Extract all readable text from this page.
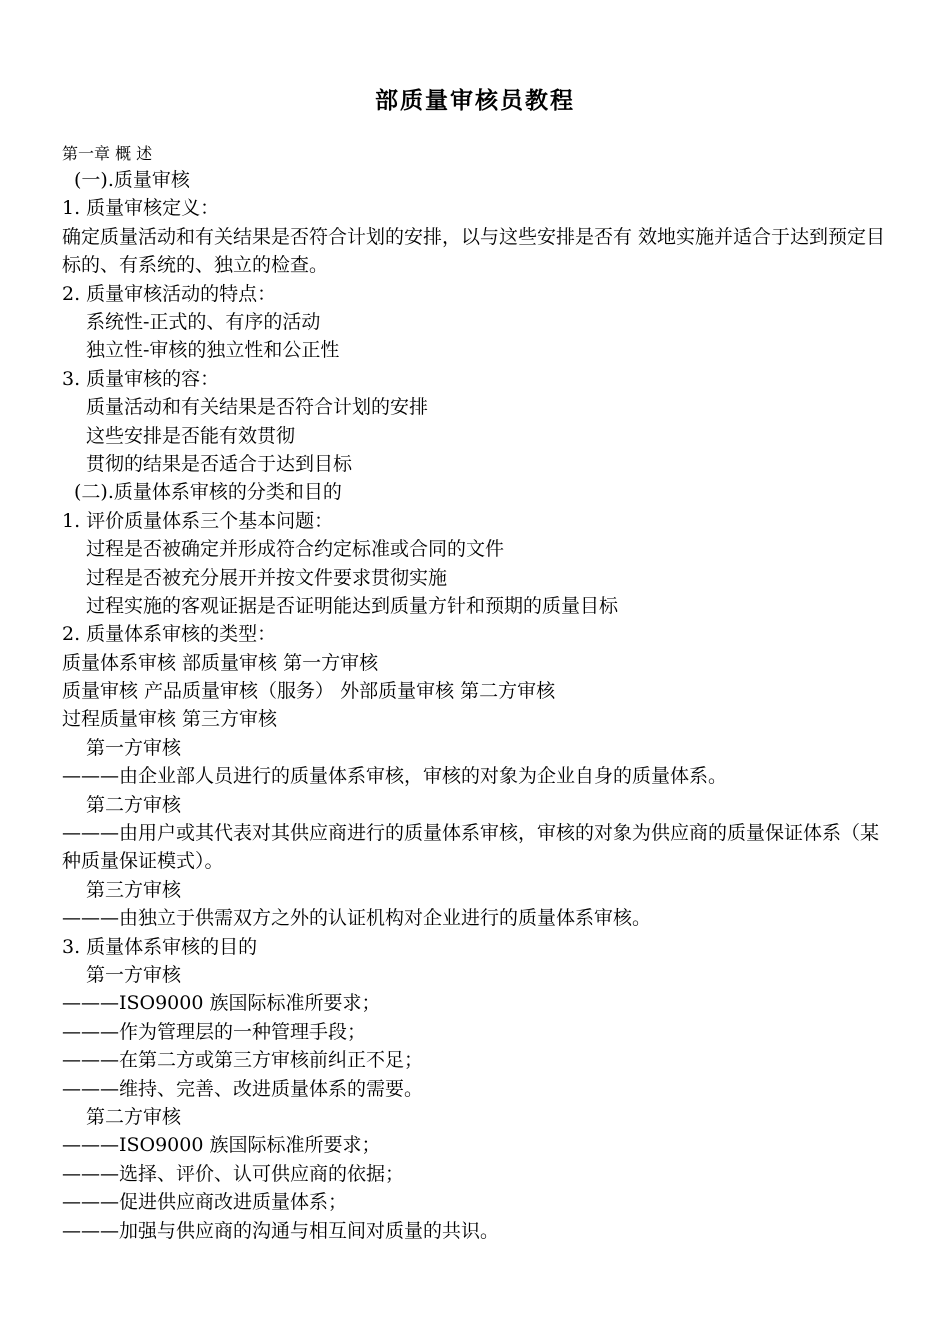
部质量审核员教程
第一章 概 述
(一).质量审核
1. 质量审核定义：
确定质量活动和有关结果是否符合计划的安排，以与这些安排是否有 效地实施并适合于达到预定目标的、有系统的、独立的检查。
2. 质量审核活动的特点：
系统性-正式的、有序的活动
独立性-审核的独立性和公正性
3. 质量审核的容：
质量活动和有关结果是否符合计划的安排
这些安排是否能有效贯彻
贯彻的结果是否适合于达到目标
(二).质量体系审核的分类和目的
1. 评价质量体系三个基本问题：
过程是否被确定并形成符合约定标准或合同的文件
过程是否被充分展开并按文件要求贯彻实施
过程实施的客观证据是否证明能达到质量方针和预期的质量目标
2. 质量体系审核的类型：
质量体系审核 部质量审核 第一方审核
质量审核 产品质量审核（服务） 外部质量审核 第二方审核
过程质量审核 第三方审核
第一方审核
———由企业部人员进行的质量体系审核，审核的对象为企业自身的质量体系。
第二方审核
———由用户或其代表对其供应商进行的质量体系审核，审核的对象为供应商的质量保证体系（某种质量保证模式）。
第三方审核
———由独立于供需双方之外的认证机构对企业进行的质量体系审核。
3. 质量体系审核的目的
第一方审核
———ISO9000 族国际标准所要求；
———作为管理层的一种管理手段；
———在第二方或第三方审核前纠正不足；
———维持、完善、改进质量体系的需要。
第二方审核
———ISO9000 族国际标准所要求；
———选择、评价、认可供应商的依据；
———促进供应商改进质量体系；
———加强与供应商的沟通与相互间对质量的共识。
